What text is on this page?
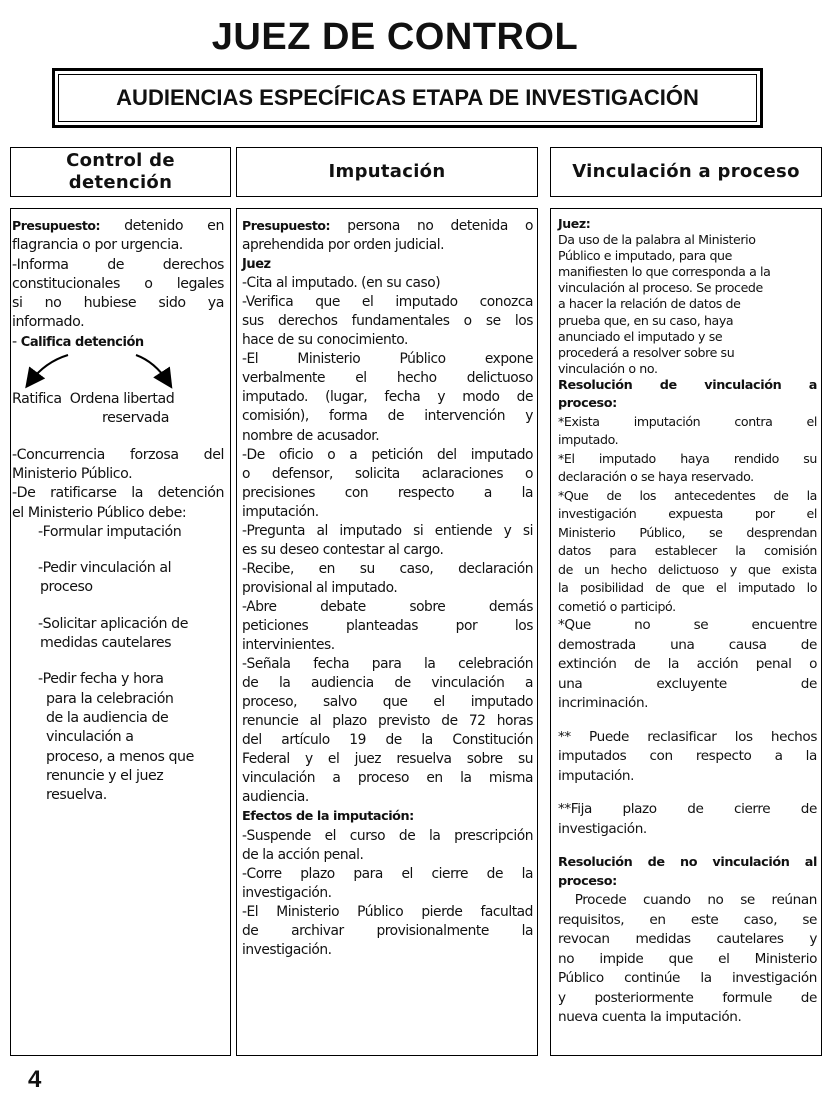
JUEZ DE CONTROL
AUDIENCIAS ESPECÍFICAS ETAPA DE INVESTIGACIÓN
Control de
detención
Imputación	Vinculación a proceso
Presupuesto: detenido en
flagrancia o por urgencia.
-Informa de derechos
constitucionales o legales
si no hubiese sido ya
informado.
- Califica detención
Ratifica Ordena libertad
reservada
-Concurrencia forzosa del
Ministerio Público.
-De ratificarse la detención
el Ministerio Público debe:
-Formular imputación
-Pedir vinculación al
proceso
-Solicitar aplicación de
medidas cautelares
-Pedir fecha y hora
para la celebración
de la audiencia de
vinculación a
proceso, a menos que
renuncie y el juez
resuelva.
Presupuesto: persona no detenida o
aprehendida por orden judicial.
Juez
-Cita al imputado. (en su caso)
-Verifica que el imputado conozca
sus derechos fundamentales o se los
hace de su conocimiento.
-El Ministerio Público expone
verbalmente el hecho delictuoso
imputado. (lugar, fecha y modo de
comisión), forma de intervención y
nombre de acusador.
-De oficio o a petición del imputado
o defensor, solicita aclaraciones o
precisiones con respecto a la
imputación.
-Pregunta al imputado si entiende y si
es su deseo contestar al cargo.
-Recibe, en su caso, declaración
provisional al imputado.
-Abre debate sobre demás
peticiones planteadas por los
intervinientes.
-Señala fecha para la celebración
de la audiencia de vinculación a
proceso, salvo que el imputado
renuncie al plazo previsto de 72 horas
del artículo 19 de la Constitución
Federal y el juez resuelva sobre su
vinculación a proceso en la misma
audiencia.
Efectos de la imputación:
-Suspende el curso de la prescripción
de la acción penal.
-Corre plazo para el cierre de la
investigación.
-El Ministerio Público pierde facultad
de archivar provisionalmente la
investigación.
Juez:
Da uso de la palabra al Ministerio
Público e imputado, para que
manifiesten lo que corresponda a la
vinculación al proceso. Se procede
a hacer la relación de datos de
prueba que, en su caso, haya
anunciado el imputado y se
procederá a resolver sobre su
vinculación o no.
Resolución de vinculación a
proceso:
*Exista imputación contra el
imputado.
*El imputado haya rendido su
declaración o se haya reservado.
*Que de los antecedentes de la
investigación expuesta por el
Ministerio Público, se desprendan
datos para establecer la comisión
de un hecho delictuoso y que exista
la posibilidad de que el imputado lo
cometió o participó.
*Que no se encuentre
demostrada una causa de
extinción de la acción penal o
una excluyente de
incriminación.
** Puede reclasificar los hechos
imputados con respecto a la
imputación.
**Fija plazo de cierre de
investigación.
Resolución de no vinculación al
proceso:
Procede cuando no se reúnan
requisitos, en este caso, se
revocan medidas cautelares y
no impide que el Ministerio
Público continúe la investigación
y posteriormente formule de
nueva cuenta la imputación.
4
